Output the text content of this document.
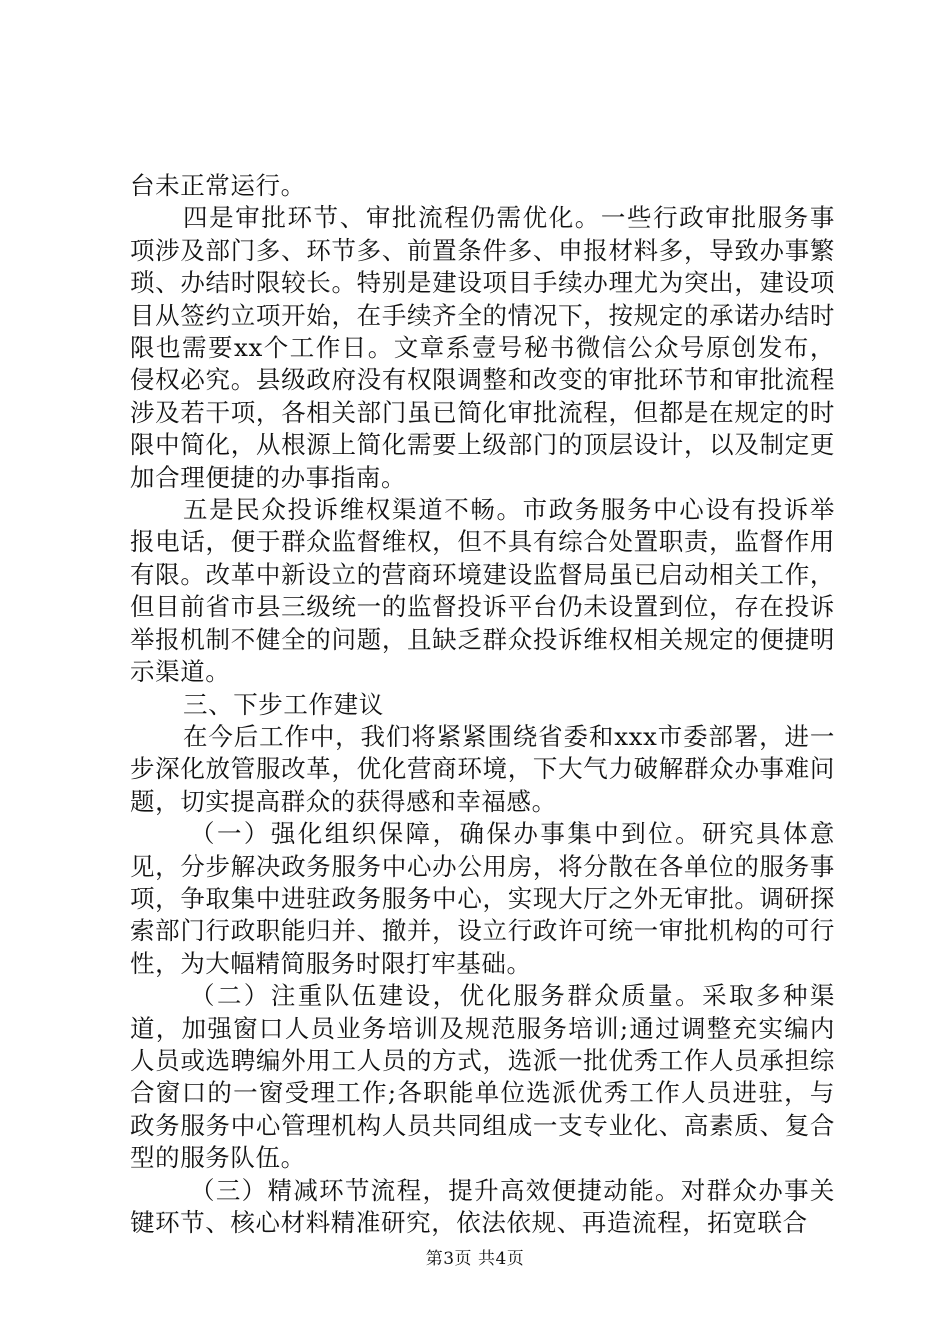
台未正常运行。

四是审批环节、审批流程仍需优化。一些行政审批服务事项涉及部门多、环节多、前置条件多、申报材料多，导致办事繁琐、办结时限较长。特别是建设项目手续办理尤为突出，建设项目从签约立项开始，在手续齐全的情况下，按规定的承诺办结时限也需要xx个工作日。文章系壹号秘书微信公众号原创发布，侵权必究。县级政府没有权限调整和改变的审批环节和审批流程涉及若干项，各相关部门虽已简化审批流程，但都是在规定的时限中简化，从根源上简化需要上级部门的顶层设计，以及制定更加合理便捷的办事指南。

五是民众投诉维权渠道不畅。市政务服务中心设有投诉举报电话，便于群众监督维权，但不具有综合处置职责，监督作用有限。改革中新设立的营商环境建设监督局虽已启动相关工作，但目前省市县三级统一的监督投诉平台仍未设置到位，存在投诉举报机制不健全的问题，且缺乏群众投诉维权相关规定的便捷明示渠道。

三、下步工作建议

在今后工作中，我们将紧紧围绕省委和xxx市委部署，进一步深化放管服改革，优化营商环境，下大气力破解群众办事难问题，切实提高群众的获得感和幸福感。

（一）强化组织保障，确保办事集中到位。研究具体意见，分步解决政务服务中心办公用房，将分散在各单位的服务事项，争取集中进驻政务服务中心，实现大厅之外无审批。调研探索部门行政职能归并、撤并，设立行政许可统一审批机构的可行性，为大幅精简服务时限打牢基础。

（二）注重队伍建设，优化服务群众质量。采取多种渠道，加强窗口人员业务培训及规范服务培训;通过调整充实编内人员或选聘编外用工人员的方式，选派一批优秀工作人员承担综合窗口的一窗受理工作;各职能单位选派优秀工作人员进驻，与政务服务中心管理机构人员共同组成一支专业化、高素质、复合型的服务队伍。

（三）精减环节流程，提升高效便捷动能。对群众办事关键环节、核心材料精准研究，依法依规、再造流程，拓宽联合

第3页 共4页
